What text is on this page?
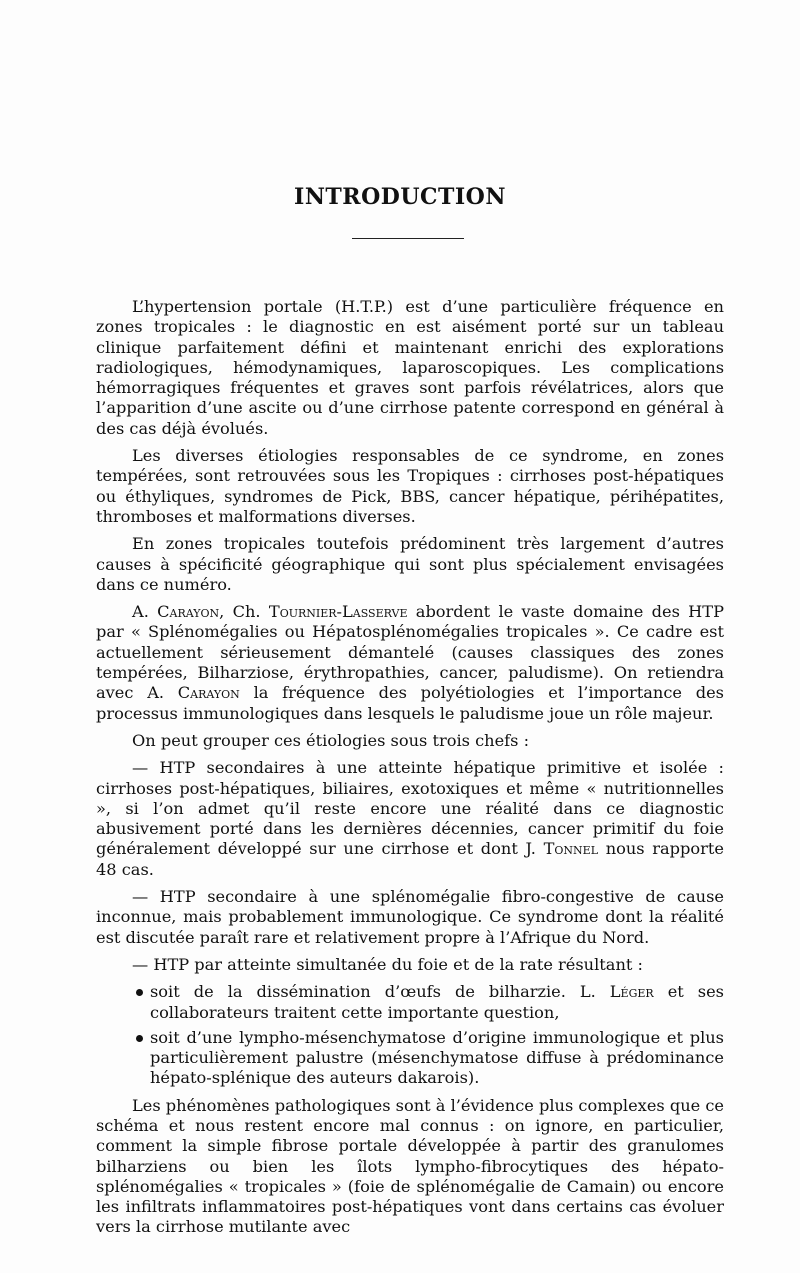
INTRODUCTION

L’hypertension portale (H.T.P.) est d’une particulière fréquence en zones tropicales : le diagnostic en est aisément porté sur un tableau clinique parfaitement défini et maintenant enrichi des explorations radiologiques, hémodynamiques, laparoscopiques. Les complications hémorragiques fréquentes et graves sont parfois révélatrices, alors que l’apparition d’une ascite ou d’une cirrhose patente correspond en général à des cas déjà évolués.

Les diverses étiologies responsables de ce syndrome, en zones tempérées, sont retrouvées sous les Tropiques : cirrhoses post-hépatiques ou éthyliques, syndromes de Pick, BBS, cancer hépatique, périhépatites, thromboses et malformations diverses.

En zones tropicales toutefois prédominent très largement d’autres causes à spécificité géographique qui sont plus spécialement envisagées dans ce numéro.

A. Carayon, Ch. Tournier-Lasserve abordent le vaste domaine des HTP par « Splénomégalies ou Hépatosplénomégalies tropicales ». Ce cadre est actuellement sérieusement démantelé (causes classiques des zones tempérées, Bilharziose, érythropathies, cancer, paludisme). On retiendra avec A. Carayon la fréquence des polyétiologies et l’importance des processus immunologiques dans lesquels le paludisme joue un rôle majeur.

On peut grouper ces étiologies sous trois chefs :

— HTP secondaires à une atteinte hépatique primitive et isolée : cirrhoses post-hépatiques, biliaires, exotoxiques et même « nutritionnelles », si l’on admet qu’il reste encore une réalité dans ce diagnostic abusivement porté dans les dernières décennies, cancer primitif du foie généralement développé sur une cirrhose et dont J. Tonnel nous rapporte 48 cas.

— HTP secondaire à une splénomégalie fibro-congestive de cause inconnue, mais probablement immunologique. Ce syndrome dont la réalité est discutée paraît rare et relativement propre à l’Afrique du Nord.

— HTP par atteinte simultanée du foie et de la rate résultant :

soit de la dissémination d’œufs de bilharzie. L. Léger et ses collaborateurs traitent cette importante question,
soit d’une lympho-mésenchymatose d’origine immunologique et plus particulièrement palustre (mésenchymatose diffuse à prédominance hépato-splénique des auteurs dakarois).

Les phénomènes pathologiques sont à l’évidence plus complexes que ce schéma et nous restent encore mal connus : on ignore, en particulier, comment la simple fibrose portale développée à partir des granulomes bilharziens ou bien les îlots lympho-fibrocytiques des hépato-splénomégalies « tropicales » (foie de splénomégalie de Camain) ou encore les infiltrats inflammatoires post-hépatiques vont dans certains cas évoluer vers la cirrhose mutilante avec
